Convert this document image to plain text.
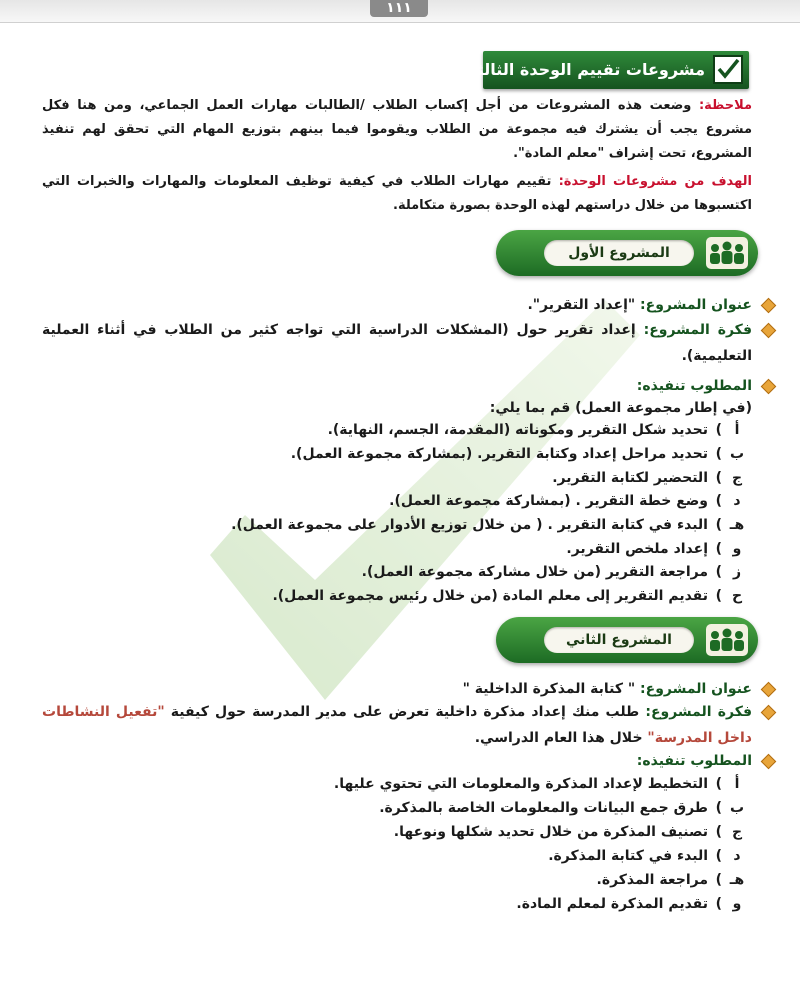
١١١
مشروعات تقييم الوحدة الثالثة
ملاحظة: وضعت هذه المشروعات من أجل إكساب الطلاب /الطالبات مهارات العمل الجماعي، ومن هنا فكل مشروع يجب أن يشترك فيه مجموعة من الطلاب ويقوموا فيما بينهم بتوزيع المهام التي تحقق لهم تنفيذ المشروع، تحت إشراف "معلم المادة".
الهدف من مشروعات الوحدة: تقييم مهارات الطلاب في كيفية توظيف المعلومات والمهارات والخبرات التي اكتسبوها من خلال دراستهم لهذه الوحدة بصورة متكاملة.
المشروع الأول
عنوان المشروع: "إعداد التقرير".
فكرة المشروع: إعداد تقرير حول (المشكلات الدراسية التي تواجه كثير من الطلاب في أثناء العملية التعليمية).
المطلوب تنفيذه:
(في إطار مجموعة العمل) قم بما يلي:
أ)تحديد شكل التقرير ومكوناته (المقدمة، الجسم، النهاية).
ب)تحديد مراحل إعداد وكتابة التقرير. (بمشاركة مجموعة العمل).
ج)التحضير لكتابة التقرير.
د)وضع خطة التقرير . (بمشاركة مجموعة العمل).
هـ)البدء في كتابة التقرير . ( من خلال توزيع الأدوار على مجموعة العمل).
و)إعداد ملخص التقرير.
ز)مراجعة التقرير (من خلال مشاركة مجموعة العمل).
ح)تقديم التقرير إلى معلم المادة (من خلال رئيس مجموعة العمل).
المشروع الثاني
عنوان المشروع: " كتابة المذكرة الداخلية "
فكرة المشروع: طلب منك إعداد مذكرة داخلية تعرض على مدير المدرسة حول كيفية "تفعيل النشاطات داخل المدرسة" خلال هذا العام الدراسي.
المطلوب تنفيذه:
أ)التخطيط لإعداد المذكرة والمعلومات التي تحتوي عليها.
ب)طرق جمع البيانات والمعلومات الخاصة بالمذكرة.
ج)تصنيف المذكرة من خلال تحديد شكلها ونوعها.
د)البدء في كتابة المذكرة.
هـ)مراجعة المذكرة.
و)تقديم المذكرة لمعلم المادة.
